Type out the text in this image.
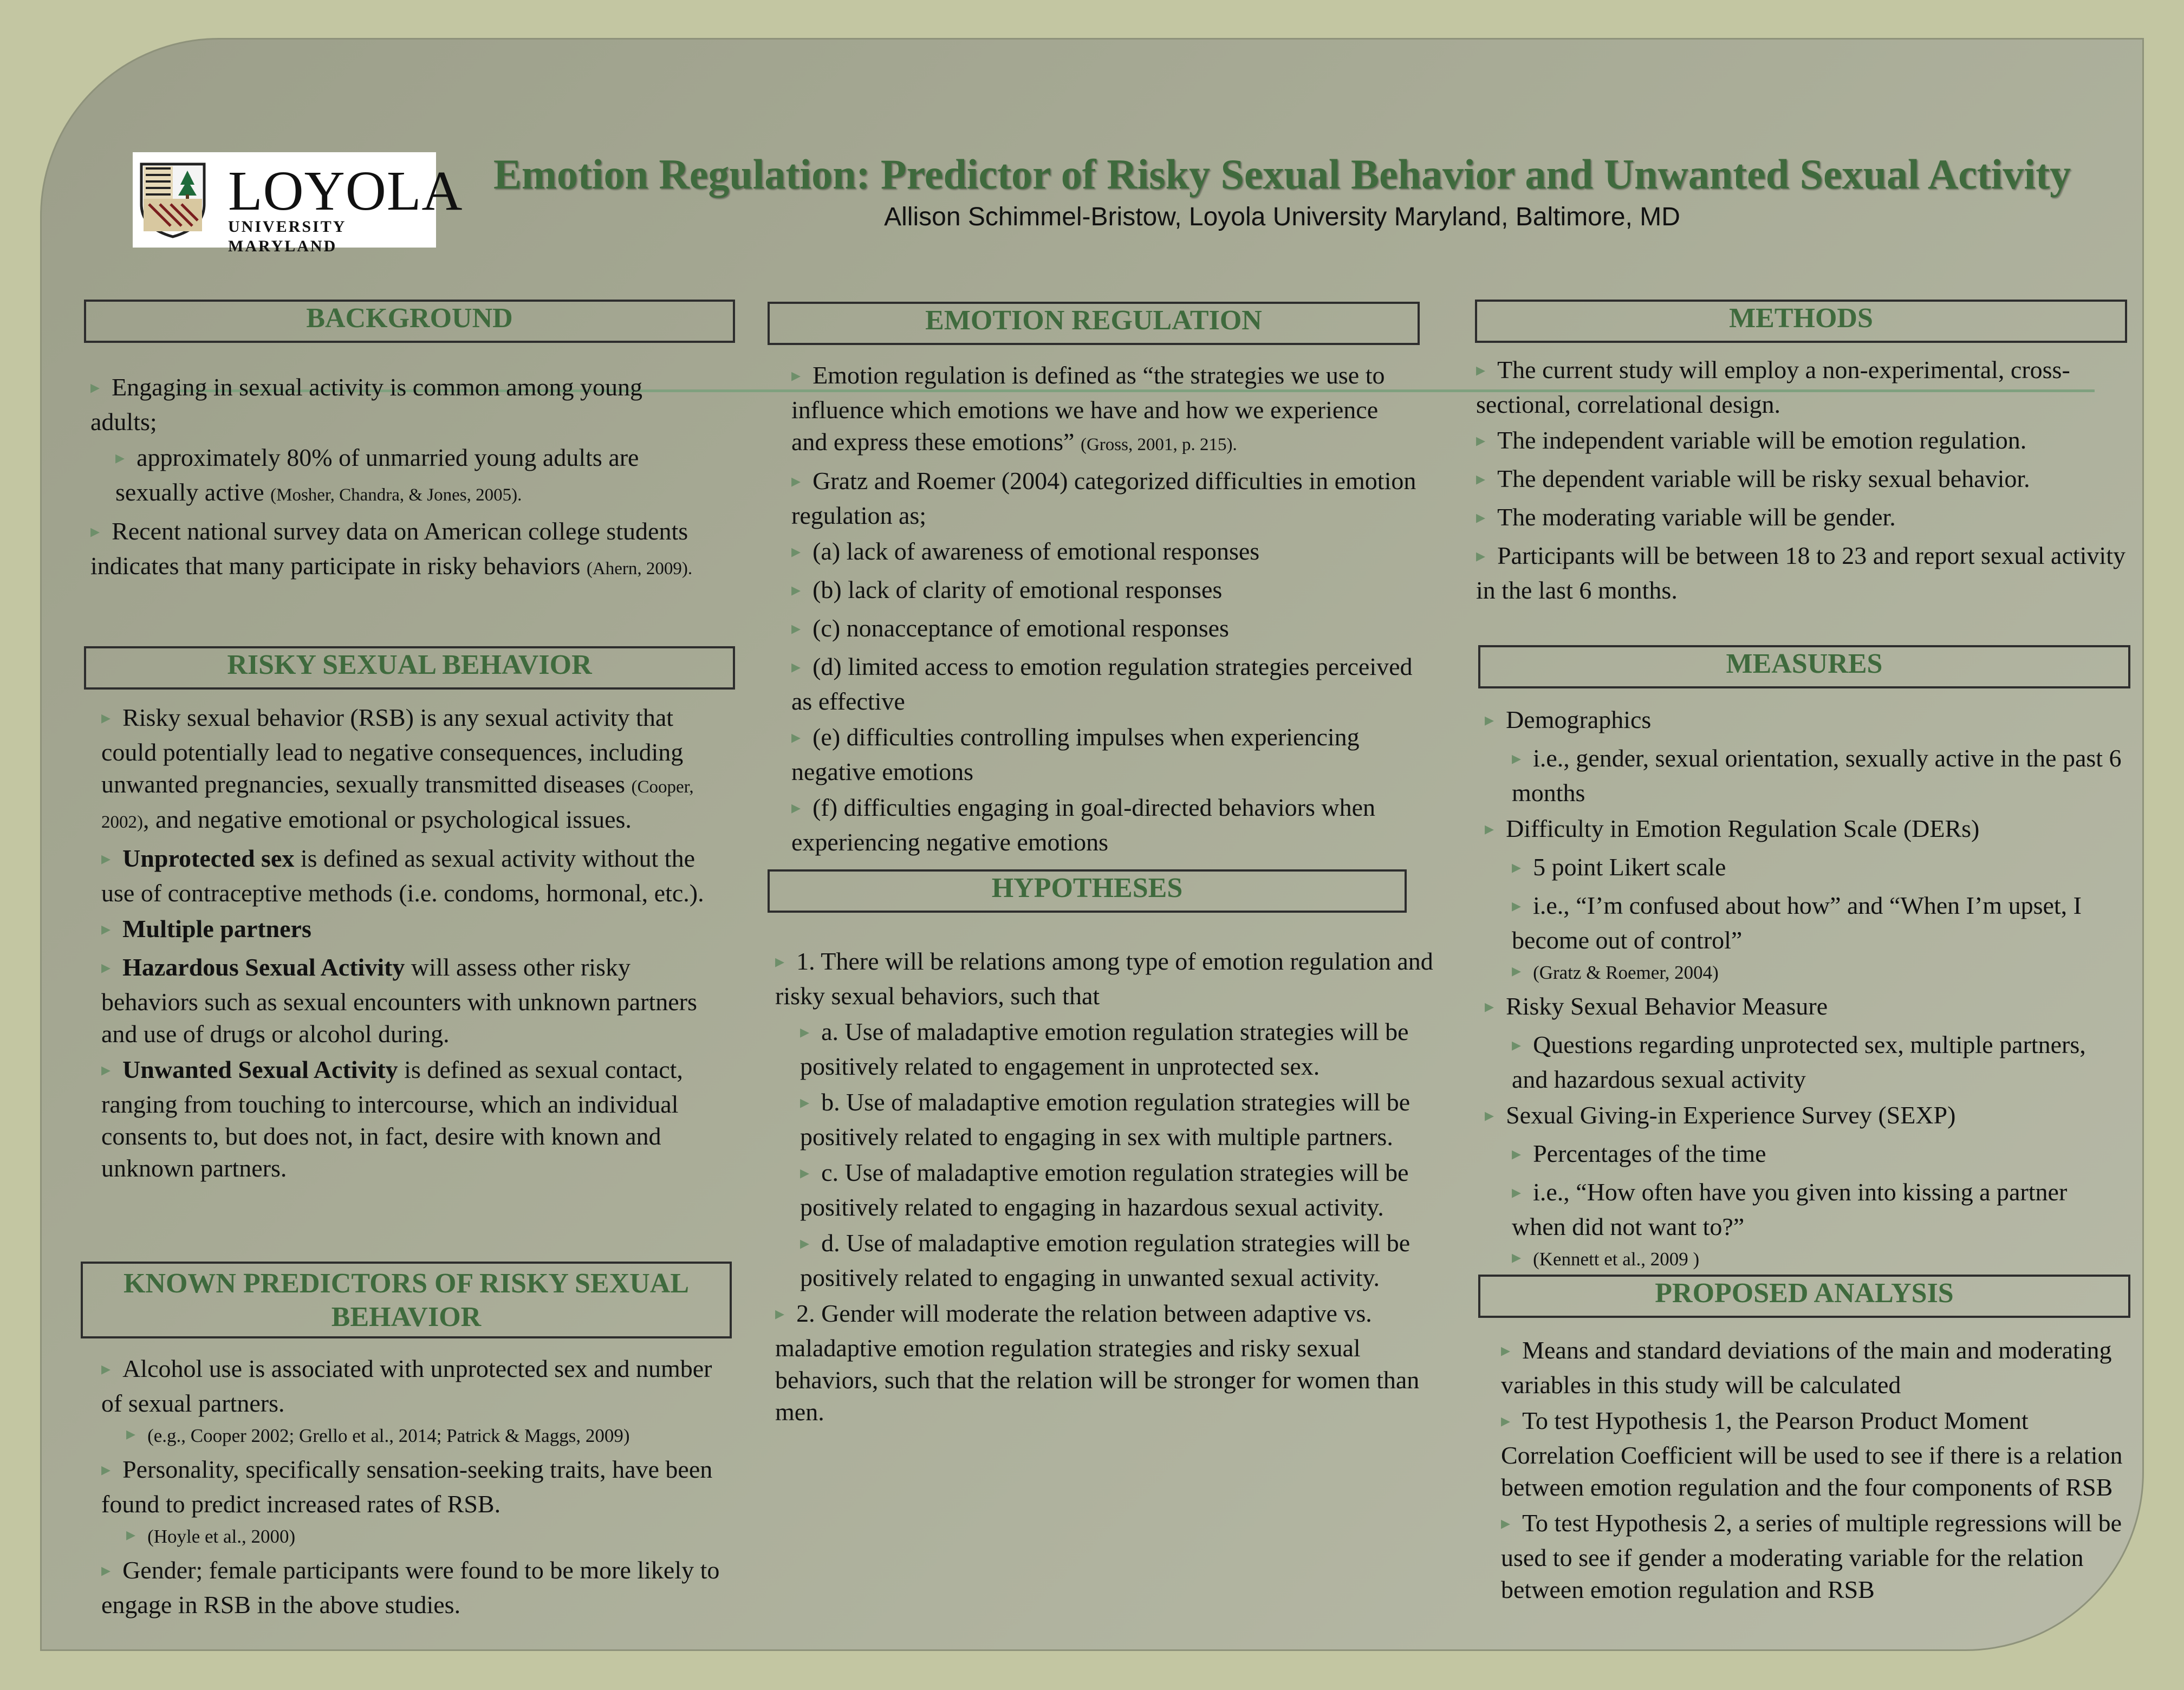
LOYOLA
UNIVERSITY MARYLAND
Emotion Regulation: Predictor of Risky Sexual Behavior and Unwanted Sexual Activity
Allison Schimmel-Bristow, Loyola University Maryland, Baltimore, MD
BACKGROUND

▸ Engaging in sexual activity is common among young adults;

▸ approximately 80% of unmarried young adults are sexually active (Mosher, Chandra, & Jones, 2005).

▸ Recent national survey data on American college students indicates that many participate in risky behaviors (Ahern, 2009).

RISKY SEXUAL BEHAVIOR

▸ Risky sexual behavior (RSB) is any sexual activity that could potentially lead to negative consequences, including unwanted pregnancies, sexually transmitted diseases (Cooper, 2002), and negative emotional or psychological issues.

▸ Unprotected sex is defined as sexual activity without the use of contraceptive methods (i.e. condoms, hormonal, etc.).

▸ Multiple partners

▸ Hazardous Sexual Activity will assess other risky behaviors such as sexual encounters with unknown partners and use of drugs or alcohol during.

▸ Unwanted Sexual Activity is defined as sexual contact, ranging from touching to intercourse, which an individual consents to, but does not, in fact, desire with known and unknown partners.

KNOWN PREDICTORS OF RISKY SEXUAL BEHAVIOR

▸ Alcohol use is associated with unprotected sex and number of sexual partners.

▸ (e.g., Cooper 2002; Grello et al., 2014; Patrick & Maggs, 2009)

▸ Personality, specifically sensation-seeking traits, have been found to predict increased rates of RSB.

▸ (Hoyle et al., 2000)

▸ Gender; female participants were found to be more likely to engage in RSB in the above studies.

EMOTION REGULATION

▸ Emotion regulation is defined as “the strategies we use to influence which emotions we have and how we experience and express these emotions” (Gross, 2001, p. 215).

▸ Gratz and Roemer (2004) categorized difficulties in emotion regulation as;

▸ (a) lack of awareness of emotional responses

▸ (b) lack of clarity of emotional responses

▸ (c) nonacceptance of emotional responses

▸ (d) limited access to emotion regulation strategies perceived as effective

▸ (e) difficulties controlling impulses when experiencing negative emotions

▸ (f) difficulties engaging in goal-directed behaviors when experiencing negative emotions

HYPOTHESES

▸ 1. There will be relations among type of emotion regulation and risky sexual behaviors, such that

▸ a. Use of maladaptive emotion regulation strategies will be positively related to engagement in unprotected sex.

▸ b. Use of maladaptive emotion regulation strategies will be positively related to engaging in sex with multiple partners.

▸ c. Use of maladaptive emotion regulation strategies will be positively related to engaging in hazardous sexual activity.

▸ d. Use of maladaptive emotion regulation strategies will be positively related to engaging in unwanted sexual activity.

▸ 2. Gender will moderate the relation between adaptive vs. maladaptive emotion regulation strategies and risky sexual behaviors, such that the relation will be stronger for women than men.

METHODS

▸ The current study will employ a non-experimental, cross-sectional, correlational design.

▸ The independent variable will be emotion regulation.

▸ The dependent variable will be risky sexual behavior.

▸ The moderating variable will be gender.

▸ Participants will be between 18 to 23 and report sexual activity in the last 6 months.

MEASURES

▸ Demographics

▸ i.e., gender, sexual orientation, sexually active in the past 6 months

▸ Difficulty in Emotion Regulation Scale (DERs)

▸ 5 point Likert scale

▸ i.e., “I’m confused about how” and “When I’m upset, I become out of control”

▸ (Gratz & Roemer, 2004)

▸ Risky Sexual Behavior Measure

▸ Questions regarding unprotected sex, multiple partners, and hazardous sexual activity

▸ Sexual Giving-in Experience Survey (SEXP)

▸ Percentages of the time

▸ i.e., “How often have you given into kissing a partner when did not want to?”

▸ (Kennett et al., 2009 )

PROPOSED ANALYSIS

▸ Means and standard deviations of the main and moderating variables in this study will be calculated

▸ To test Hypothesis 1, the Pearson Product Moment Correlation Coefficient will be used to see if there is a relation between emotion regulation and the four components of RSB

▸ To test Hypothesis 2, a series of multiple regressions will be used to see if gender a moderating variable for the relation between emotion regulation and RSB
